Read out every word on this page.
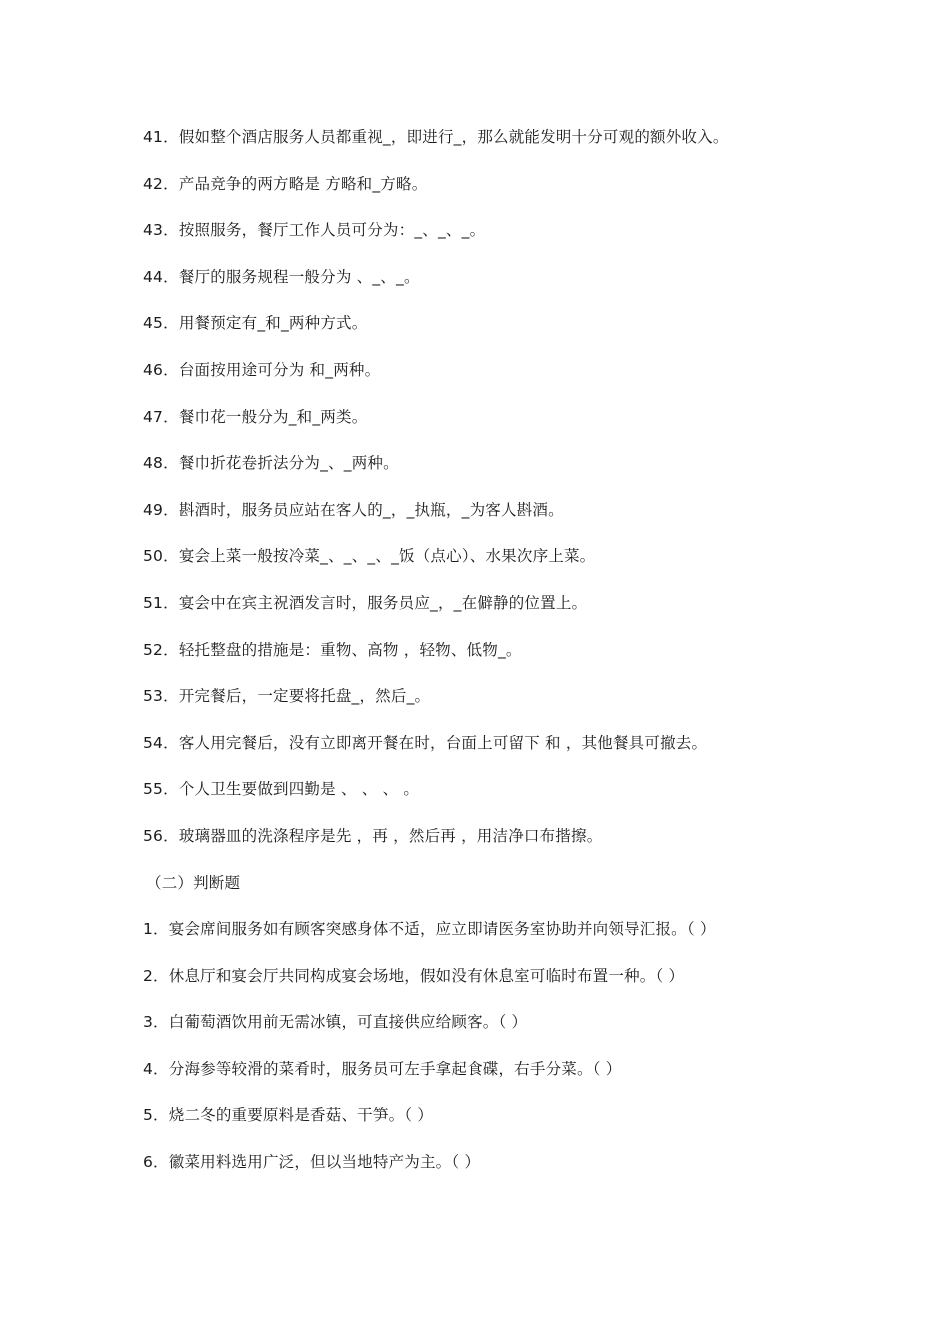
41．假如整个酒店服务人员都重视_，即进行_，那么就能发明十分可观的额外收入。
42．产品竞争的两方略是 方略和_方略。
43．按照服务，餐厅工作人员可分为：_、_、_。
44．餐厅的服务规程一般分为 、_、_。
45．用餐预定有_和_两种方式。
46．台面按用途可分为 和_两种。
47．餐巾花一般分为_和_两类。
48．餐巾折花卷折法分为_、_两种。
49．斟酒时，服务员应站在客人的_，_执瓶，_为客人斟酒。
50．宴会上菜一般按冷菜_、_、_、_饭（点心）、水果次序上菜。
51．宴会中在宾主祝酒发言时，服务员应_，_在僻静的位置上。
52．轻托整盘的措施是：重物、高物 ，轻物、低物_。
53．开完餐后，一定要将托盘_，然后_。
54．客人用完餐后，没有立即离开餐在时，台面上可留下 和 ，其他餐具可撤去。
55．个人卫生要做到四勤是 、 、 、 。
56．玻璃器皿的洗涤程序是先 ，再 ，然后再 ，用洁净口布揩擦。
（二）判断题
1．宴会席间服务如有顾客突感身体不适，应立即请医务室协助并向领导汇报。（ ）
2．休息厅和宴会厅共同构成宴会场地，假如没有休息室可临时布置一种。（ ）
3．白葡萄酒饮用前无需冰镇，可直接供应给顾客。（ ）
4．分海参等较滑的菜肴时，服务员可左手拿起食碟，右手分菜。（ ）
5．烧二冬的重要原料是香菇、干笋。（ ）
6．徽菜用料选用广泛，但以当地特产为主。（ ）
